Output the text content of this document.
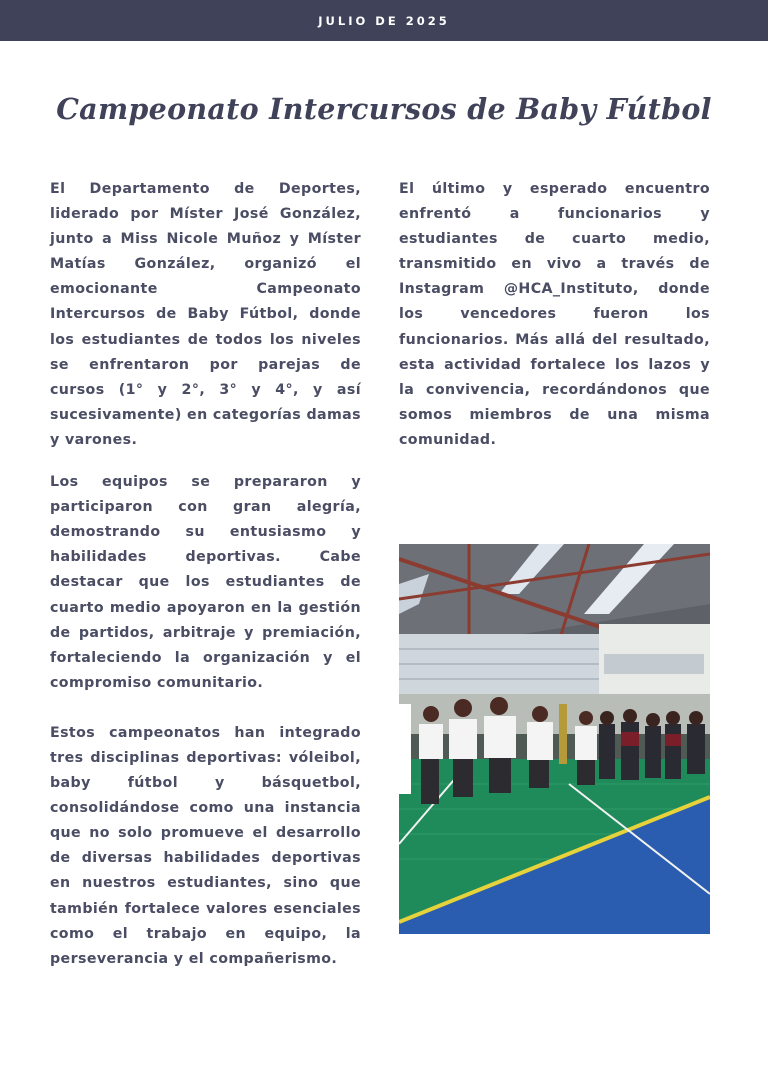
JULIO DE 2025
Campeonato Intercursos de Baby Fútbol

El Departamento de Deportes, liderado por Míster José González, junto a Miss Nicole Muñoz y Míster Matías González, organizó el emocionante Campeonato Intercursos de Baby Fútbol, donde los estudiantes de todos los niveles se enfrentaron por parejas de cursos (1° y 2°, 3° y 4°, y así sucesivamente) en categorías damas y varones.

Los equipos se prepararon y participaron con gran alegría, demostrando su entusiasmo y habilidades deportivas. Cabe destacar que los estudiantes de cuarto medio apoyaron en la gestión de partidos, arbitraje y premiación, fortaleciendo la organización y el compromiso comunitario.

Estos campeonatos han integrado tres disciplinas deportivas: vóleibol, baby fútbol y básquetbol, consolidándose como una instancia que no solo promueve el desarrollo de diversas habilidades deportivas en nuestros estudiantes, sino que también fortalece valores esenciales como el trabajo en equipo, la perseverancia y el compañerismo.

El último y esperado encuentro enfrentó a funcionarios y estudiantes de cuarto medio, transmitido en vivo a través de Instagram @HCA_Instituto, donde los vencedores fueron los funcionarios. Más allá del resultado, esta actividad fortalece los lazos y la convivencia, recordándonos que somos miembros de una misma comunidad.
